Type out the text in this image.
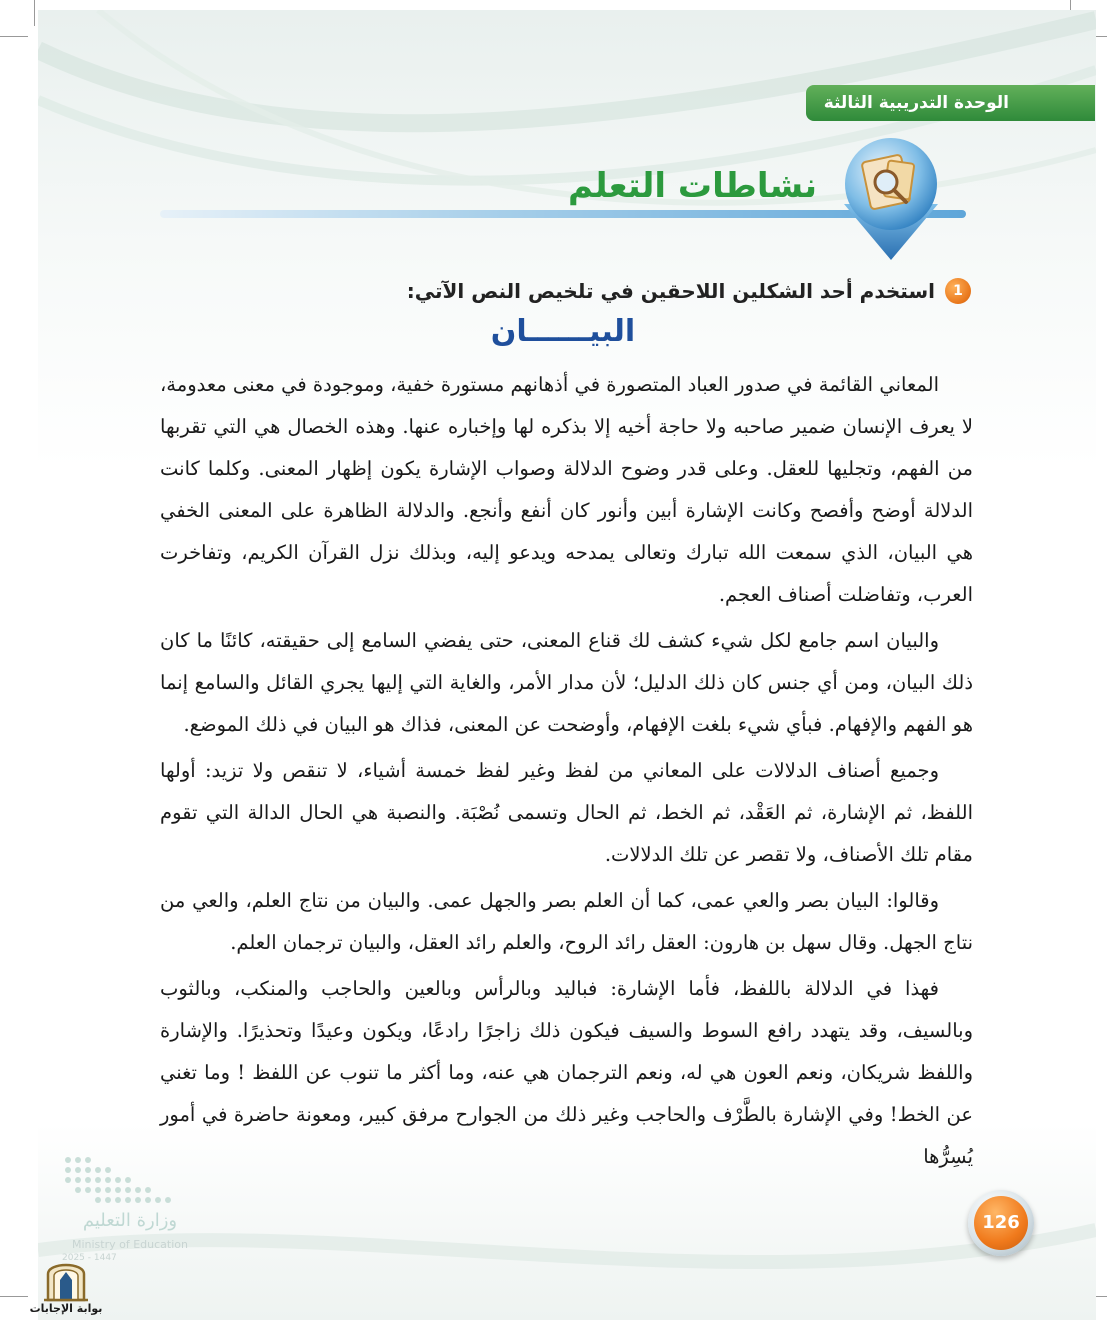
الوحدة التدريبية الثالثة
نشاطات التعلم
1
استخدم أحد الشكلين اللاحقين في تلخيص النص الآتي:
البيــــــان

المعاني القائمة في صدور العباد المتصورة في أذهانهم مستورة خفية، وموجودة في معنى معدومة، لا يعرف الإنسان ضمير صاحبه ولا حاجة أخيه إلا بذكره لها وإخباره عنها. وهذه الخصال هي التي تقربها من الفهم، وتجليها للعقل. وعلى قدر وضوح الدلالة وصواب الإشارة يكون إظهار المعنى. وكلما كانت الدلالة أوضح وأفصح وكانت الإشارة أبين وأنور كان أنفع وأنجع. والدلالة الظاهرة على المعنى الخفي هي البيان، الذي سمعت الله تبارك وتعالى يمدحه ويدعو إليه، وبذلك نزل القرآن الكريم، وتفاخرت العرب، وتفاضلت أصناف العجم.

والبيان اسم جامع لكل شيء كشف لك قناع المعنى، حتى يفضي السامع إلى حقيقته، كائنًا ما كان ذلك البيان، ومن أي جنس كان ذلك الدليل؛ لأن مدار الأمر، والغاية التي إليها يجري القائل والسامع إنما هو الفهم والإفهام. فبأي شيء بلغت الإفهام، وأوضحت عن المعنى، فذاك هو البيان في ذلك الموضع.

وجميع أصناف الدلالات على المعاني من لفظ وغير لفظ خمسة أشياء، لا تنقص ولا تزيد: أولها اللفظ، ثم الإشارة، ثم العَقْد، ثم الخط، ثم الحال وتسمى نُصْبَة. والنصبة هي الحال الدالة التي تقوم مقام تلك الأصناف، ولا تقصر عن تلك الدلالات.

وقالوا: البيان بصر والعي عمى، كما أن العلم بصر والجهل عمى. والبيان من نتاج العلم، والعي من نتاج الجهل. وقال سهل بن هارون: العقل رائد الروح، والعلم رائد العقل، والبيان ترجمان العلم.

فهذا في الدلالة باللفظ، فأما الإشارة: فباليد وبالرأس وبالعين والحاجب والمنكب، وبالثوب وبالسيف، وقد يتهدد رافع السوط والسيف فيكون ذلك زاجرًا رادعًا، ويكون وعيدًا وتحذيرًا. والإشارة واللفظ شريكان، ونعم العون هي له، ونعم الترجمان هي عنه، وما أكثر ما تنوب عن اللفظ ! وما تغني عن الخط! وفي الإشارة بالطَّرْف والحاجب وغير ذلك من الجوارح مرفق كبير، ومعونة حاضرة في أمور يُسِرُّها

126
وزارة التعليم
Ministry of Education
2025 - 1447
بوابة الإجابات
